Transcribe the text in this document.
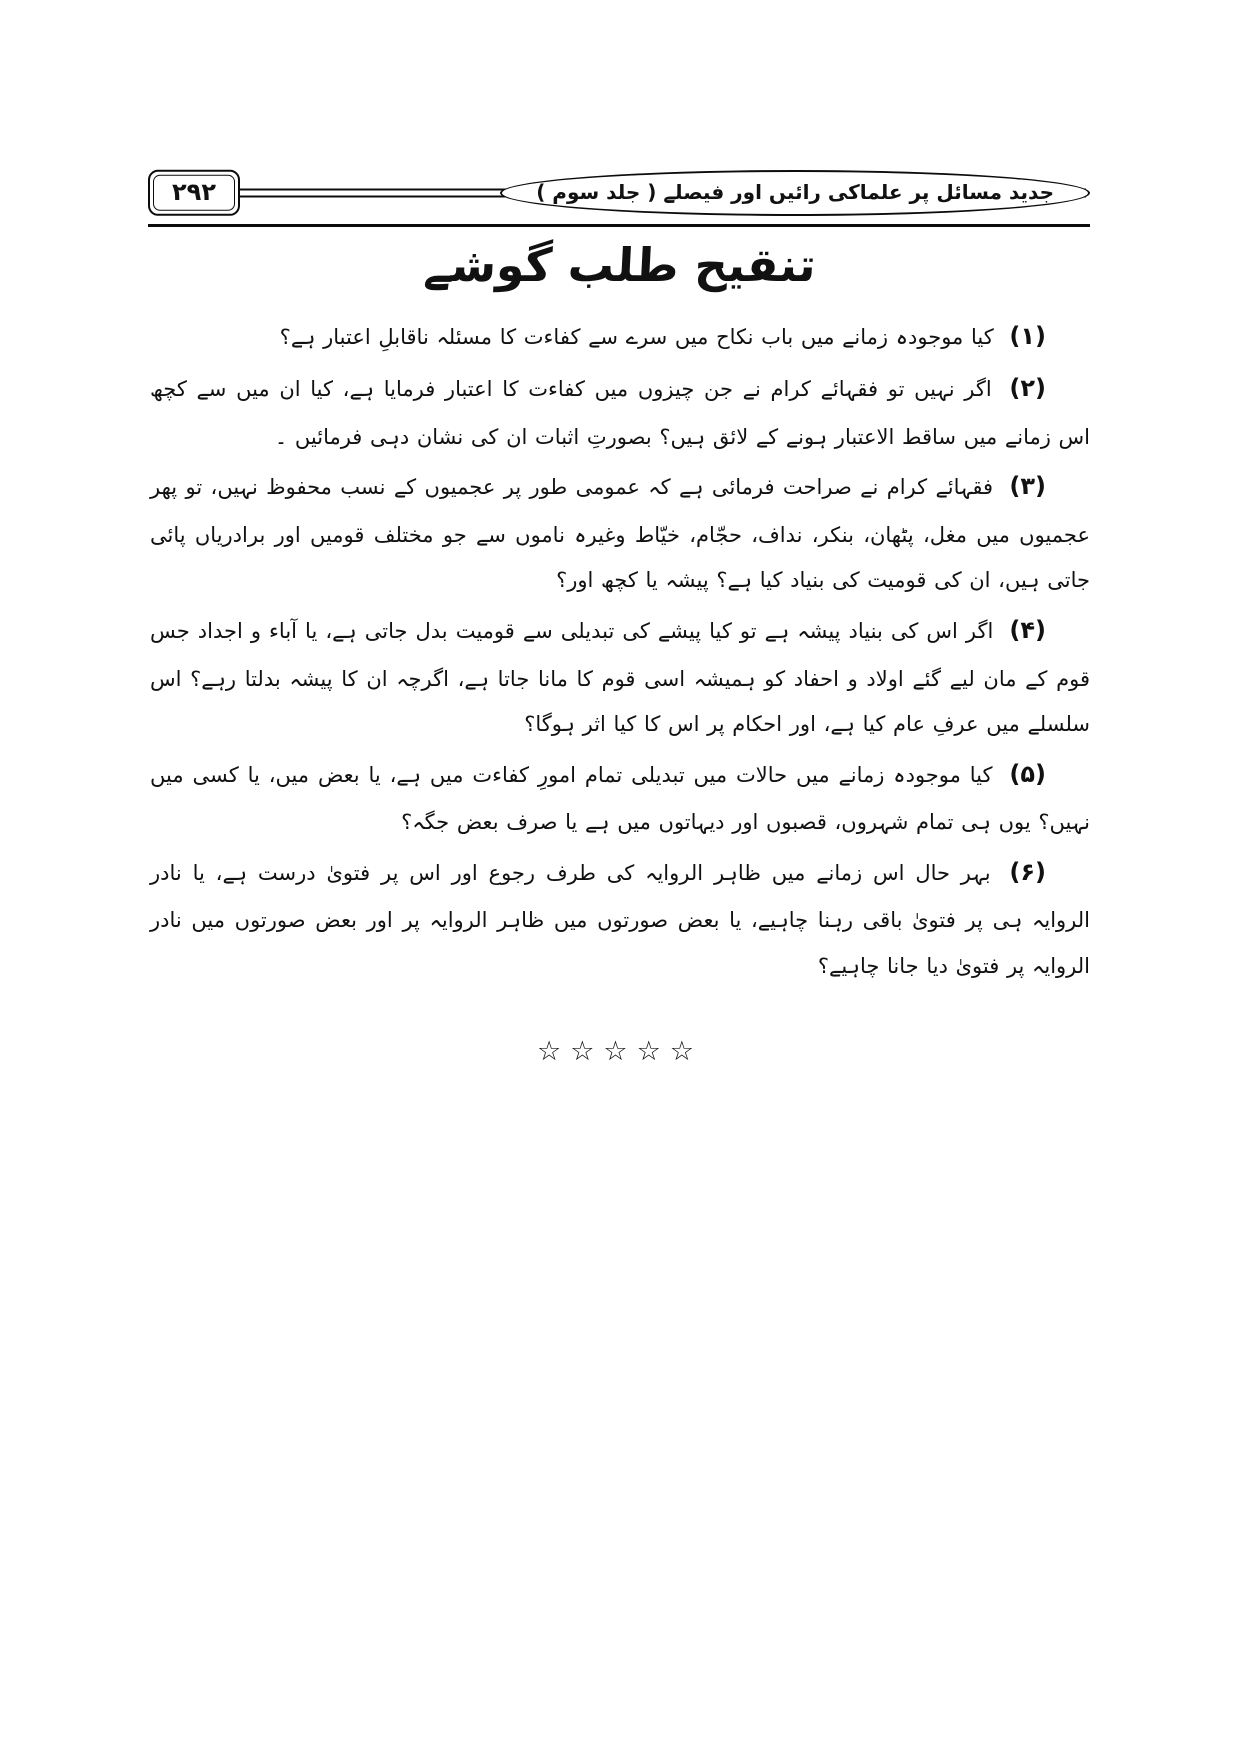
۲۹۲	جدید مسائل پر علماکی رائیں اور فیصلے ( جلد سوم )
تنقیح طلب گوشے

(۱) کیا موجودہ زمانے میں باب نکاح میں سرے سے کفاءت کا مسئلہ ناقابلِ اعتبار ہے؟

(۲) اگر نہیں تو فقہائے کرام نے جن چیزوں میں کفاءت کا اعتبار فرمایا ہے، کیا ان میں سے کچھ اس زمانے میں ساقط الاعتبار ہونے کے لائق ہیں؟ بصورتِ اثبات ان کی نشان دہی فرمائیں ۔

(۳) فقہائے کرام نے صراحت فرمائی ہے کہ عمومی طور پر عجمیوں کے نسب محفوظ نہیں، تو پھر عجمیوں میں مغل، پٹھان، بنکر، نداف، حجّام، خیّاط وغیرہ ناموں سے جو مختلف قومیں اور برادریاں پائی جاتی ہیں، ان کی قومیت کی بنیاد کیا ہے؟ پیشہ یا کچھ اور؟

(۴) اگر اس کی بنیاد پیشہ ہے تو کیا پیشے کی تبدیلی سے قومیت بدل جاتی ہے، یا آباء و اجداد جس قوم کے مان لیے گئے اولاد و احفاد کو ہمیشہ اسی قوم کا مانا جاتا ہے، اگرچہ ان کا پیشہ بدلتا رہے؟ اس سلسلے میں عرفِ عام کیا ہے، اور احکام پر اس کا کیا اثر ہوگا؟

(۵) کیا موجودہ زمانے میں حالات میں تبدیلی تمام امورِ کفاءت میں ہے، یا بعض میں، یا کسی میں نہیں؟ یوں ہی تمام شہروں، قصبوں اور دیہاتوں میں ہے یا صرف بعض جگہ؟

(۶) بہر حال اس زمانے میں ظاہر الروایہ کی طرف رجوع اور اس پر فتویٰ درست ہے، یا نادر الروایہ ہی پر فتویٰ باقی رہنا چاہیے، یا بعض صورتوں میں ظاہر الروایہ پر اور بعض صورتوں میں نادر الروایہ پر فتویٰ دیا جانا چاہیے؟

☆☆☆☆☆
